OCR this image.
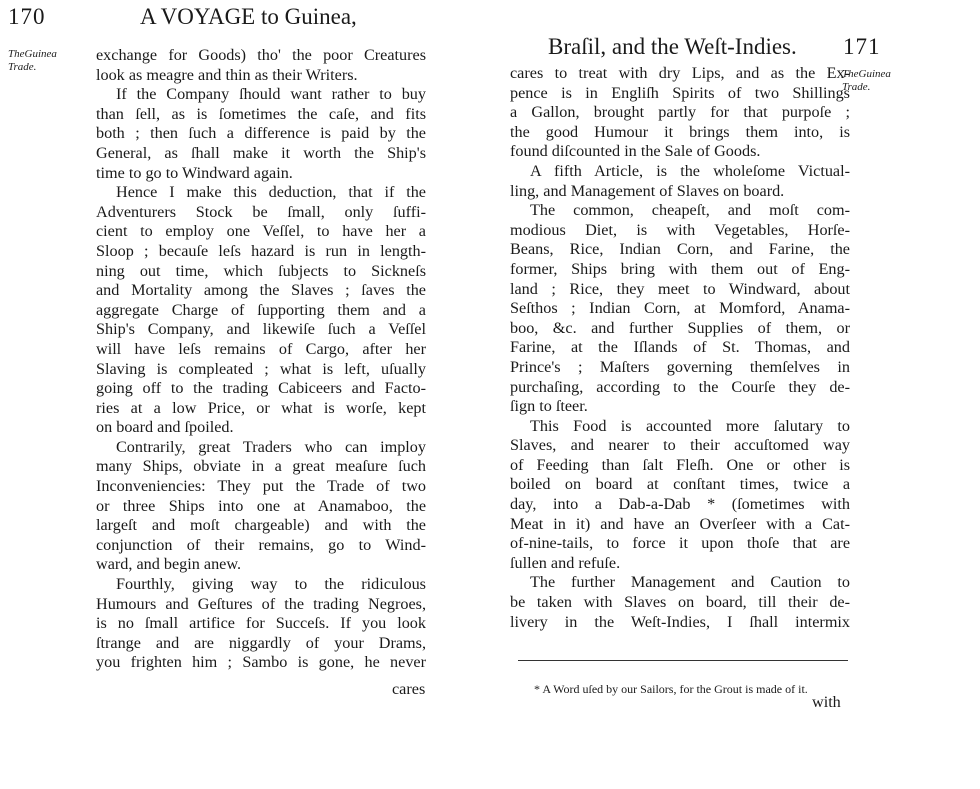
170	A VOYAGE to Guinea,
TheGuinea
Trade.
exchange for Goods) tho' the poor Creatures
look as meagre and thin as their Writers.
If the Company ſhould want rather to buy
than ſell, as is ſometimes the caſe, and fits
both ; then ſuch a difference is paid by the
General, as ſhall make it worth the Ship's
time to go to Windward again.
Hence I make this deduction, that if the
Adventurers Stock be ſmall, only ſuffi-
cient to employ one Veſſel, to have her a
Sloop ; becauſe leſs hazard is run in length-
ning out time, which ſubjects to Sickneſs
and Mortality among the Slaves ; ſaves the
aggregate Charge of ſupporting them and a
Ship's Company, and likewiſe ſuch a Veſſel
will have leſs remains of Cargo, after her
Slaving is compleated ; what is left, uſually
going off to the trading Cabiceers and Facto-
ries at a low Price, or what is worſe, kept
on board and ſpoiled.
Contrarily, great Traders who can imploy
many Ships, obviate in a great meaſure ſuch
Inconveniencies: They put the Trade of two
or three Ships into one at Anamaboo, the
largeſt and moſt chargeable) and with the
conjunction of their remains, go to Wind-
ward, and begin anew.
Fourthly, giving way to the ridiculous
Humours and Geſtures of the trading Negroes,
is no ſmall artifice for Succeſs. If you look
ſtrange and are niggardly of your Drams,
you frighten him ; Sambo is gone, he never
cares
Braſil, and the Weſt-Indies. 171
TheGuinea
Trade.
cares to treat with dry Lips, and as the Ex-
pence is in Engliſh Spirits of two Shillings
a Gallon, brought partly for that purpoſe ;
the good Humour it brings them into, is
found diſcounted in the Sale of Goods.
A fifth Article, is the wholeſome Victual-
ling, and Management of Slaves on board.
The common, cheapeſt, and moſt com-
modious Diet, is with Vegetables, Horſe-
Beans, Rice, Indian Corn, and Farine, the
former, Ships bring with them out of Eng-
land ; Rice, they meet to Windward, about
Seſthos ; Indian Corn, at Momford, Anama-
boo, &c. and further Supplies of them, or
Farine, at the Iſlands of St. Thomas, and
Prince's ; Maſters governing themſelves in
purchaſing, according to the Courſe they de-
ſign to ſteer.
This Food is accounted more ſalutary to
Slaves, and nearer to their accuſtomed way
of Feeding than ſalt Fleſh. One or other is
boiled on board at conſtant times, twice a
day, into a Dab-a-Dab * (ſometimes with
Meat in it) and have an Overſeer with a Cat-
of-nine-tails, to force it upon thoſe that are
ſullen and refuſe.
The further Management and Caution to
be taken with Slaves on board, till their de-
livery in the Weſt-Indies, I ſhall intermix
* A Word uſed by our Sailors, for the Grout is made of it.
with
